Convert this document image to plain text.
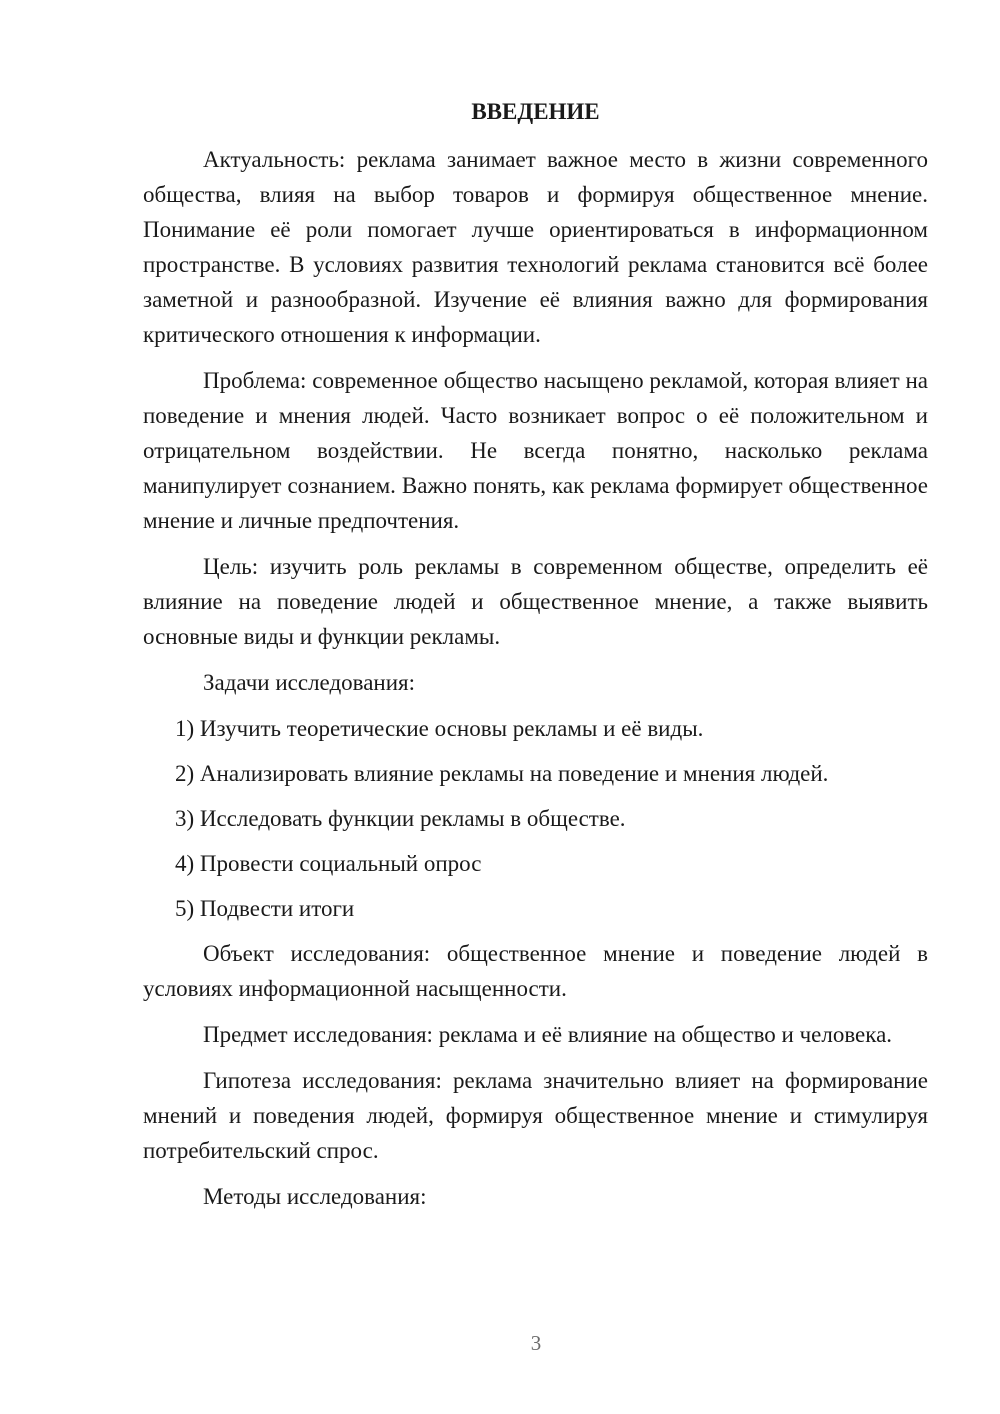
ВВЕДЕНИЕ

Актуальность: реклама занимает важное место в жизни современного общества, влияя на выбор товаров и формируя общественное мнение. Понимание её роли помогает лучше ориентироваться в информационном пространстве. В условиях развития технологий реклама становится всё более заметной и разнообразной. Изучение её влияния важно для формирования критического отношения к информации.

Проблема: современное общество насыщено рекламой, которая влияет на поведение и мнения людей. Часто возникает вопрос о её положительном и отрицательном воздействии. Не всегда понятно, насколько реклама манипулирует сознанием. Важно понять, как реклама формирует общественное мнение и личные предпочтения.

Цель: изучить роль рекламы в современном обществе, определить её влияние на поведение людей и общественное мнение, а также выявить основные виды и функции рекламы.

Задачи исследования:

1) Изучить теоретические основы рекламы и её виды.
2) Анализировать влияние рекламы на поведение и мнения людей.
3) Исследовать функции рекламы в обществе.
4) Провести социальный опрос
5) Подвести итоги

Объект исследования: общественное мнение и поведение людей в условиях информационной насыщенности.

Предмет исследования: реклама и её влияние на общество и человека.

Гипотеза исследования: реклама значительно влияет на формирование мнений и поведения людей, формируя общественное мнение и стимулируя потребительский спрос.

Методы исследования:

3
